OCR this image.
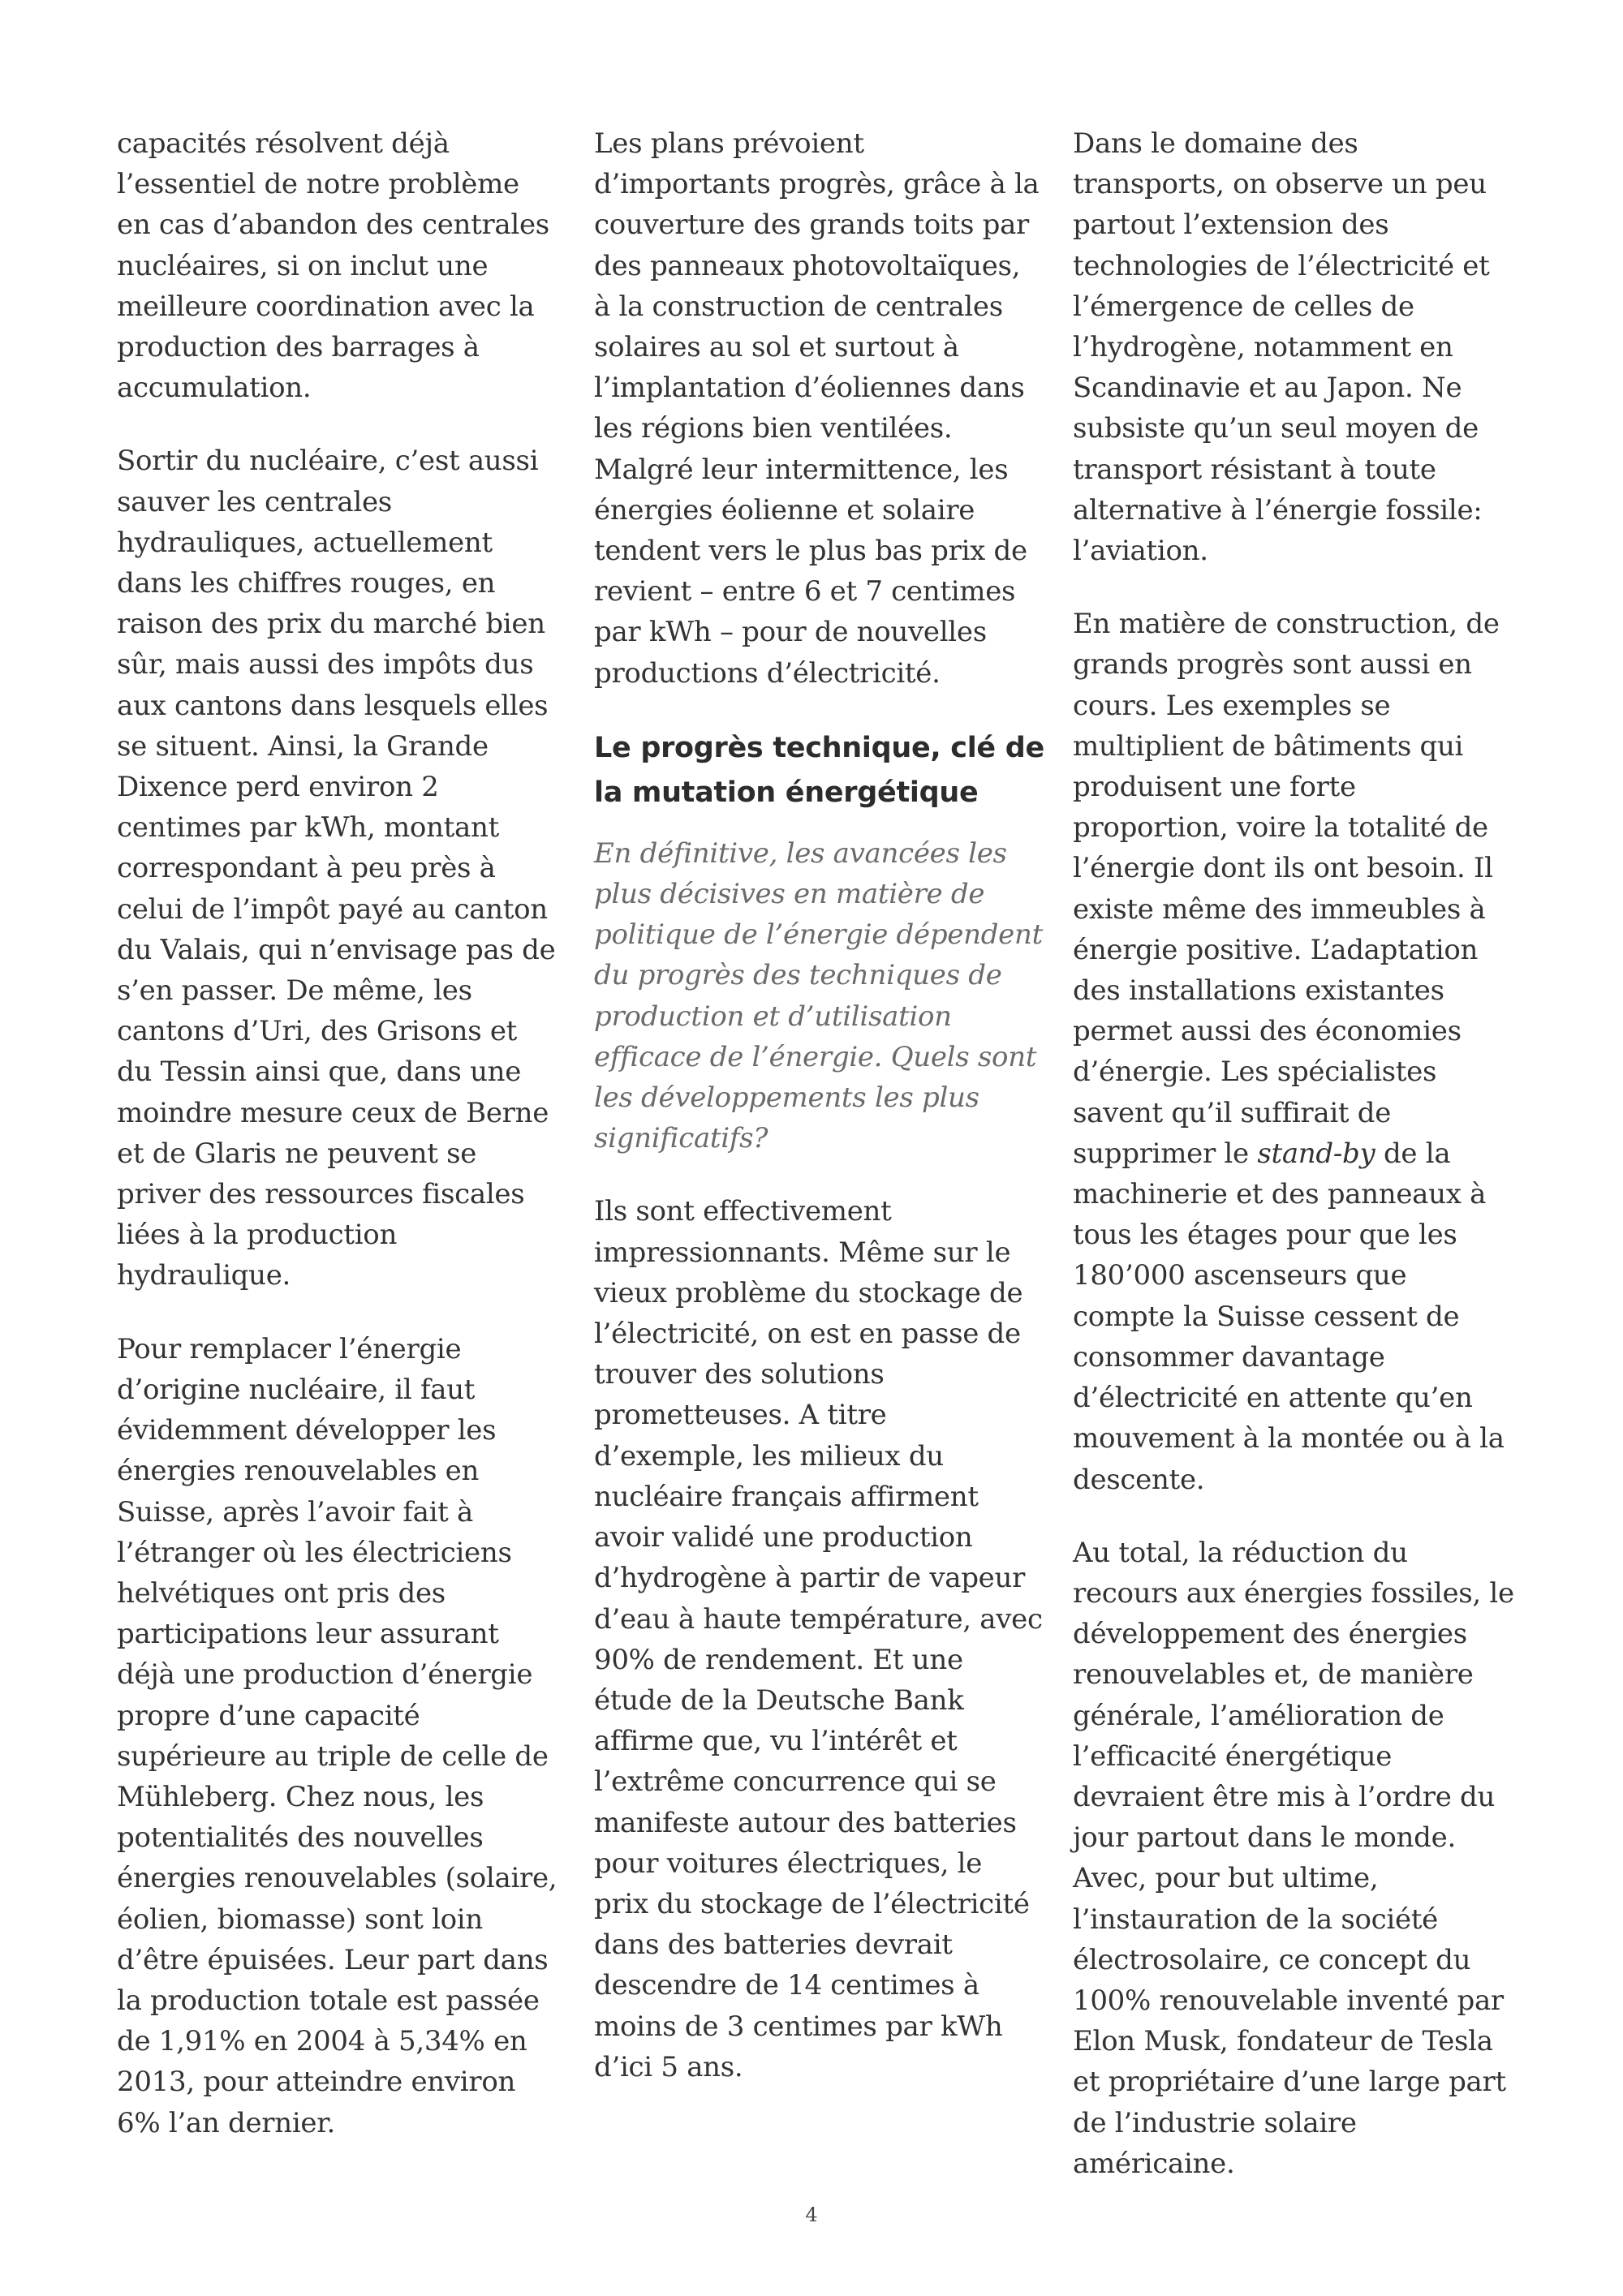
capacités résolvent déjà l’essentiel de notre problème en cas d’abandon des centrales nucléaires, si on inclut une meilleure coordination avec la production des barrages à accumulation.

Sortir du nucléaire, c’est aussi sauver les centrales hydrauliques, actuellement dans les chiffres rouges, en raison des prix du marché bien sûr, mais aussi des impôts dus aux cantons dans lesquels elles se situent. Ainsi, la Grande Dixence perd environ 2 centimes par kWh, montant correspondant à peu près à celui de l’impôt payé au canton du Valais, qui n’envisage pas de s’en passer. De même, les cantons d’Uri, des Grisons et du Tessin ainsi que, dans une moindre mesure ceux de Berne et de Glaris ne peuvent se priver des ressources fiscales liées à la production hydraulique.

Pour remplacer l’énergie d’origine nucléaire, il faut évidemment développer les énergies renouvelables en Suisse, après l’avoir fait à l’étranger où les électriciens helvétiques ont pris des participations leur assurant déjà une production d’énergie propre d’une capacité supérieure au triple de celle de Mühleberg. Chez nous, les potentialités des nouvelles énergies renouvelables (solaire, éolien, biomasse) sont loin d’être épuisées. Leur part dans la production totale est passée de 1,91% en 2004 à 5,34% en 2013, pour atteindre environ 6% l’an dernier.

Les plans prévoient d’importants progrès, grâce à la couverture des grands toits par des panneaux photovoltaïques, à la construction de centrales solaires au sol et surtout à l’implantation d’éoliennes dans les régions bien ventilées. Malgré leur intermittence, les énergies éolienne et solaire tendent vers le plus bas prix de revient – entre 6 et 7 centimes par kWh – pour de nouvelles productions d’électricité.

Le progrès technique, clé de la mutation énergétique

En définitive, les avancées les plus décisives en matière de politique de l’énergie dépendent du progrès des techniques de production et d’utilisation efficace de l’énergie. Quels sont les développements les plus significatifs?

Ils sont effectivement impressionnants. Même sur le vieux problème du stockage de l’électricité, on est en passe de trouver des solutions prometteuses. A titre d’exemple, les milieux du nucléaire français affirment avoir validé une production d’hydrogène à partir de vapeur d’eau à haute température, avec 90% de rendement. Et une étude de la Deutsche Bank affirme que, vu l’intérêt et l’extrême concurrence qui se manifeste autour des batteries pour voitures électriques, le prix du stockage de l’électricité dans des batteries devrait descendre de 14 centimes à moins de 3 centimes par kWh d’ici 5 ans.

Dans le domaine des transports, on observe un peu partout l’extension des technologies de l’électricité et l’émergence de celles de l’hydrogène, notamment en Scandinavie et au Japon. Ne subsiste qu’un seul moyen de transport résistant à toute alternative à l’énergie fossile: l’aviation.

En matière de construction, de grands progrès sont aussi en cours. Les exemples se multiplient de bâtiments qui produisent une forte proportion, voire la totalité de l’énergie dont ils ont besoin. Il existe même des immeubles à énergie positive. L’adaptation des installations existantes permet aussi des économies d’énergie. Les spécialistes savent qu’il suffirait de supprimer le stand-by de la machinerie et des panneaux à tous les étages pour que les 180’000 ascenseurs que compte la Suisse cessent de consommer davantage d’électricité en attente qu’en mouvement à la montée ou à la descente.

Au total, la réduction du recours aux énergies fossiles, le développement des énergies renouvelables et, de manière générale, l’amélioration de l’efficacité énergétique devraient être mis à l’ordre du jour partout dans le monde. Avec, pour but ultime, l’instauration de la société électrosolaire, ce concept du 100% renouvelable inventé par Elon Musk, fondateur de Tesla et propriétaire d’une large part de l’industrie solaire américaine.

4
